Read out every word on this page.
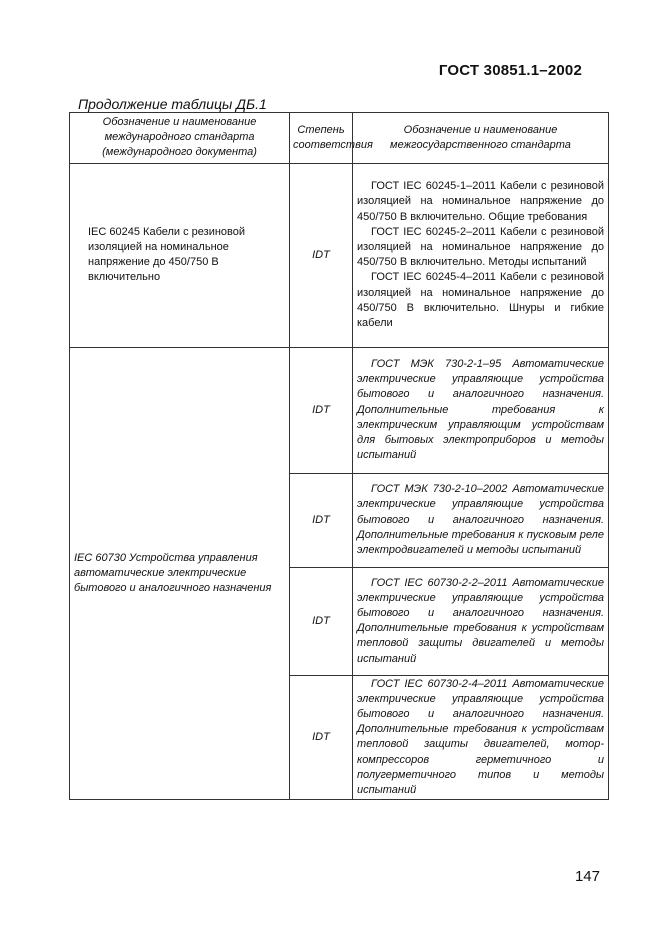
ГОСТ 30851.1–2002
Продолжение таблицы ДБ.1
Обозначение и наименование международного стандарта (международного документа)	Степень соответствия	Обозначение и наименование межгосударственного стандарта
IEC 60245 Кабели с резиновой изоляцией на номинальное напряжение до 450/750 В включительно	IDT	ГОСТ IEC 60245-1–2011 Кабели с резиновой изоляцией на номинальное напряжение до 450/750 В включительно. Общие требования
ГОСТ IEC 60245-2–2011 Кабели с резиновой изоляцией на номинальное напряжение до 450/750 В включительно. Методы испытаний
ГОСТ IEC 60245-4–2011 Кабели с резиновой изоляцией на номинальное напряжение до 450/750 В включительно. Шнуры и гибкие кабели

IEC 60730 Устройства управления автоматические электрические бытового и аналогичного назначения	IDT	ГОСТ МЭК 730-2-1–95 Автоматические электрические управляющие устройства бытового и аналогичного назначения. Дополнительные требования к электрическим управляющим устройствам для бытовых электроприборов и методы испытаний

	IDT	ГОСТ МЭК 730-2-10–2002 Автоматические электрические управляющие устройства бытового и аналогичного назначения. Дополнительные требования к пусковым реле электродвигателей и методы испытаний

	IDT	ГОСТ IEC 60730-2-2–2011 Автоматические электрические управляющие устройства бытового и аналогичного назначения. Дополнительные требования к устройствам тепловой защиты двигателей и методы испытаний

	IDT	ГОСТ IEC 60730-2-4–2011 Автоматические электрические управляющие устройства бытового и аналогичного назначения. Дополнительные требования к устройствам тепловой защиты двигателей, мотор-компрессоров герметичного и полугерметичного типов и методы испытаний
147
